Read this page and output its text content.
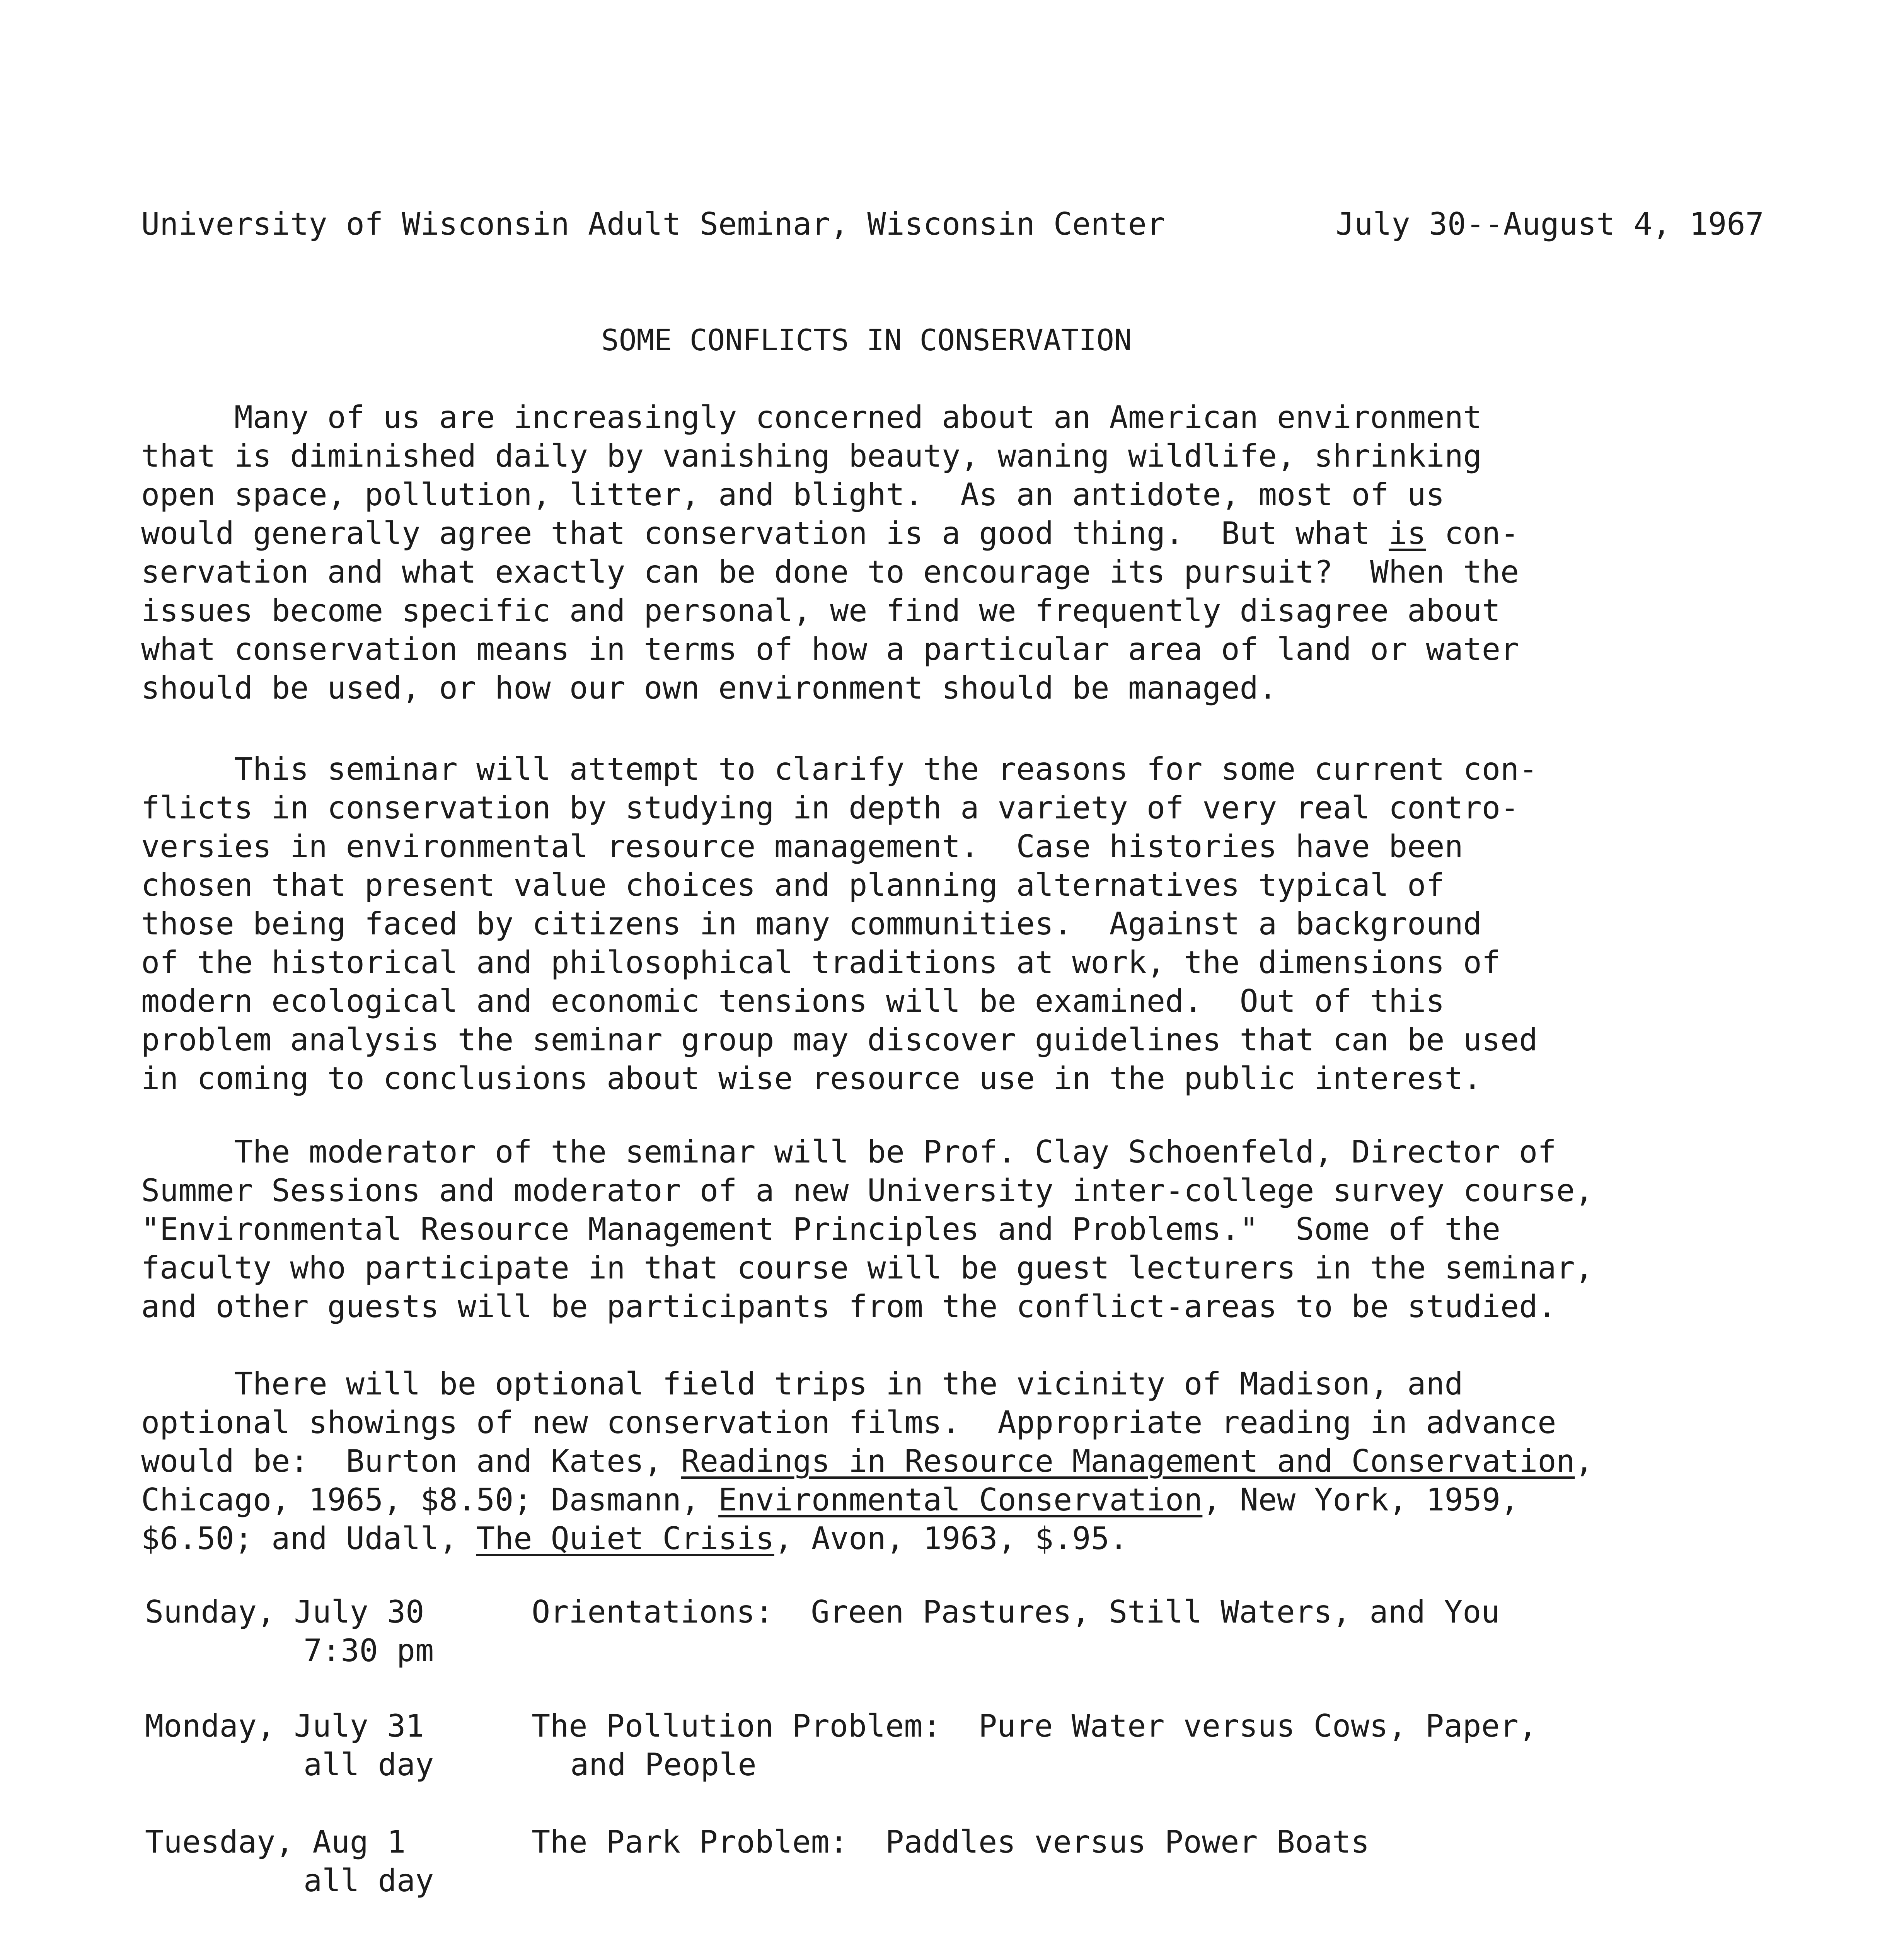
University of Wisconsin Adult Seminar, Wisconsin Center	July 30--August 4, 1967
SOME CONFLICTS IN CONSERVATION
Many of us are increasingly concerned about an American environment
that is diminished daily by vanishing beauty, waning wildlife, shrinking
open space, pollution, litter, and blight.  As an antidote, most of us
would generally agree that conservation is a good thing.  But what is con-
servation and what exactly can be done to encourage its pursuit?  When the
issues become specific and personal, we find we frequently disagree about
what conservation means in terms of how a particular area of land or water
should be used, or how our own environment should be managed.
This seminar will attempt to clarify the reasons for some current con-
flicts in conservation by studying in depth a variety of very real contro-
versies in environmental resource management.  Case histories have been
chosen that present value choices and planning alternatives typical of
those being faced by citizens in many communities.  Against a background
of the historical and philosophical traditions at work, the dimensions of
modern ecological and economic tensions will be examined.  Out of this
problem analysis the seminar group may discover guidelines that can be used
in coming to conclusions about wise resource use in the public interest.
The moderator of the seminar will be Prof. Clay Schoenfeld, Director of
Summer Sessions and moderator of a new University inter-college survey course,
"Environmental Resource Management Principles and Problems."  Some of the
faculty who participate in that course will be guest lecturers in the seminar,
and other guests will be participants from the conflict-areas to be studied.
There will be optional field trips in the vicinity of Madison, and
optional showings of new conservation films.  Appropriate reading in advance
would be:  Burton and Kates, Readings in Resource Management and Conservation,
Chicago, 1965, $8.50; Dasmann, Environmental Conservation, New York, 1959,
$6.50; and Udall, The Quiet Crisis, Avon, 1963, $.95.

Sunday, July 30

7:30 pm

Orientations:  Green Pastures, Still Waters, and You

Monday, July 31

all day

The Pollution Problem:  Pure Water versus Cows, Paper,

and People

Tuesday, Aug 1

all day

The Park Problem:  Paddles versus Power Boats
